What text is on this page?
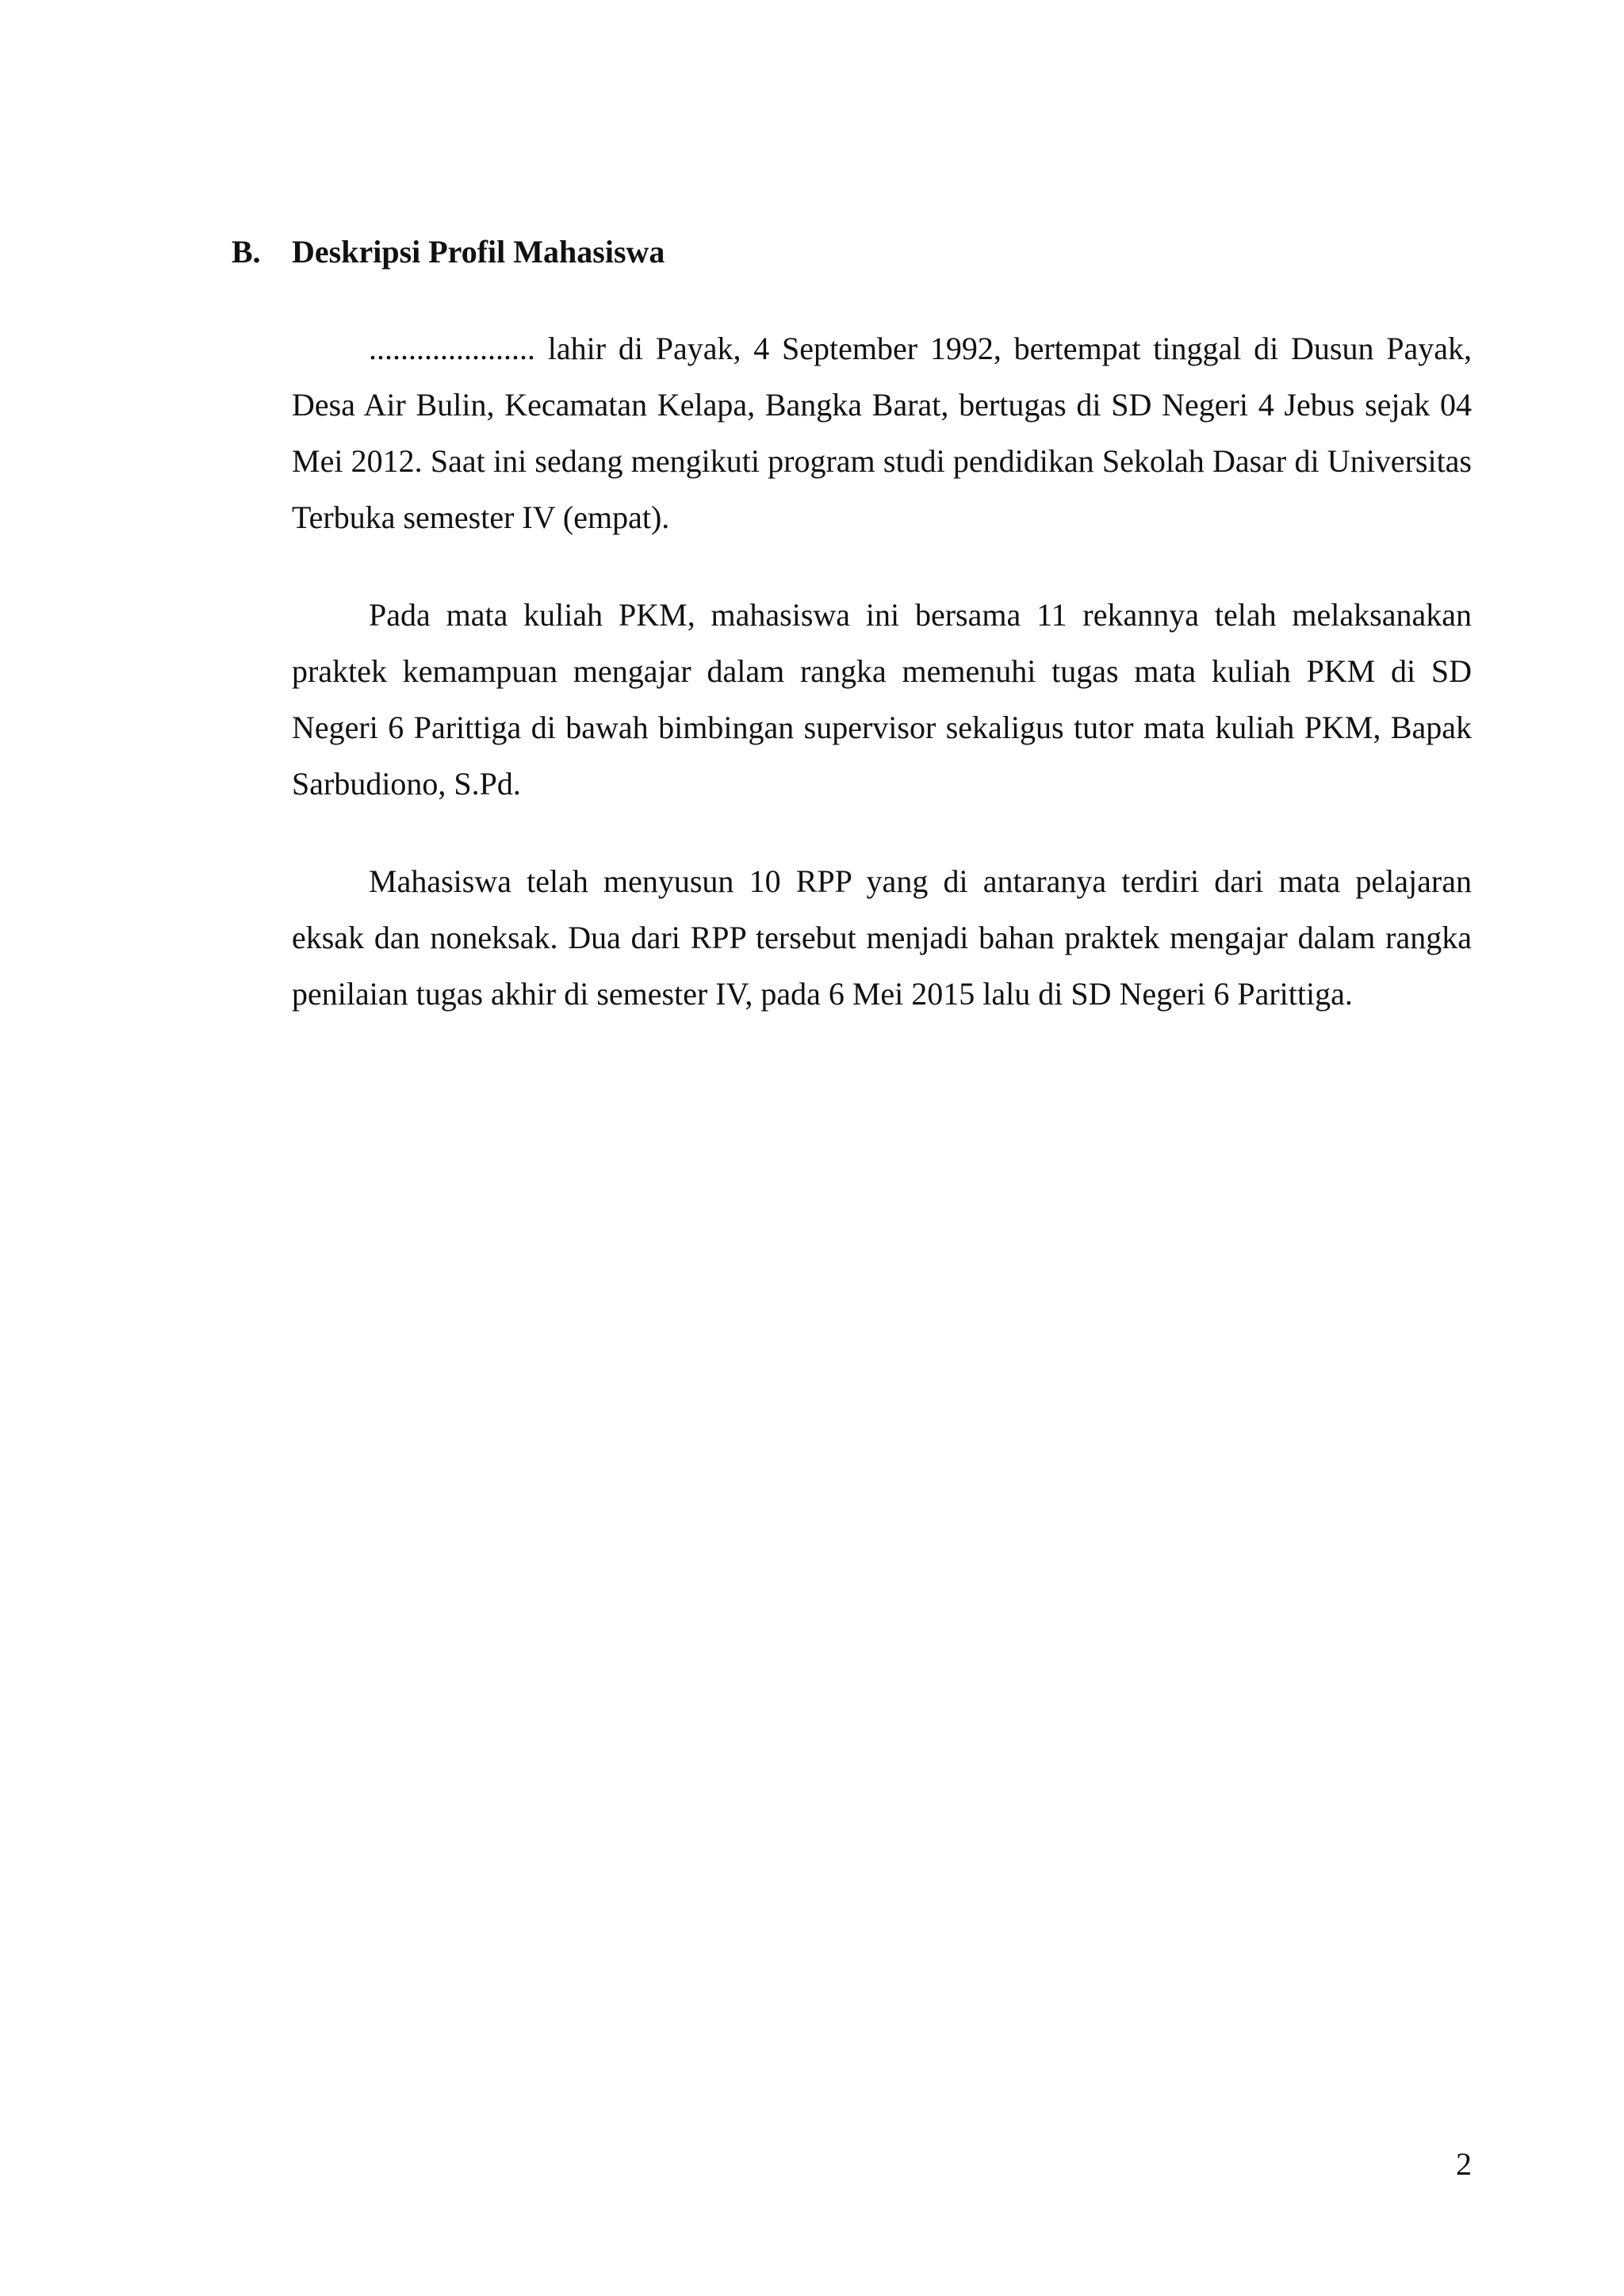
B. Deskripsi Profil Mahasiswa

..................... lahir di Payak, 4 September 1992, bertempat tinggal di Dusun Payak, Desa Air Bulin, Kecamatan Kelapa, Bangka Barat, bertugas di SD Negeri 4 Jebus sejak 04 Mei 2012. Saat ini sedang mengikuti program studi pendidikan Sekolah Dasar di Universitas Terbuka semester IV (empat).

Pada mata kuliah PKM, mahasiswa ini bersama 11 rekannya telah melaksanakan praktek kemampuan mengajar dalam rangka memenuhi tugas mata kuliah PKM di SD Negeri 6 Parittiga di bawah bimbingan supervisor sekaligus tutor mata kuliah PKM, Bapak Sarbudiono, S.Pd.

Mahasiswa telah menyusun 10 RPP yang di antaranya terdiri dari mata pelajaran eksak dan noneksak. Dua dari RPP tersebut menjadi bahan praktek mengajar dalam rangka penilaian tugas akhir di semester IV, pada 6 Mei 2015 lalu di SD Negeri 6 Parittiga.

2
